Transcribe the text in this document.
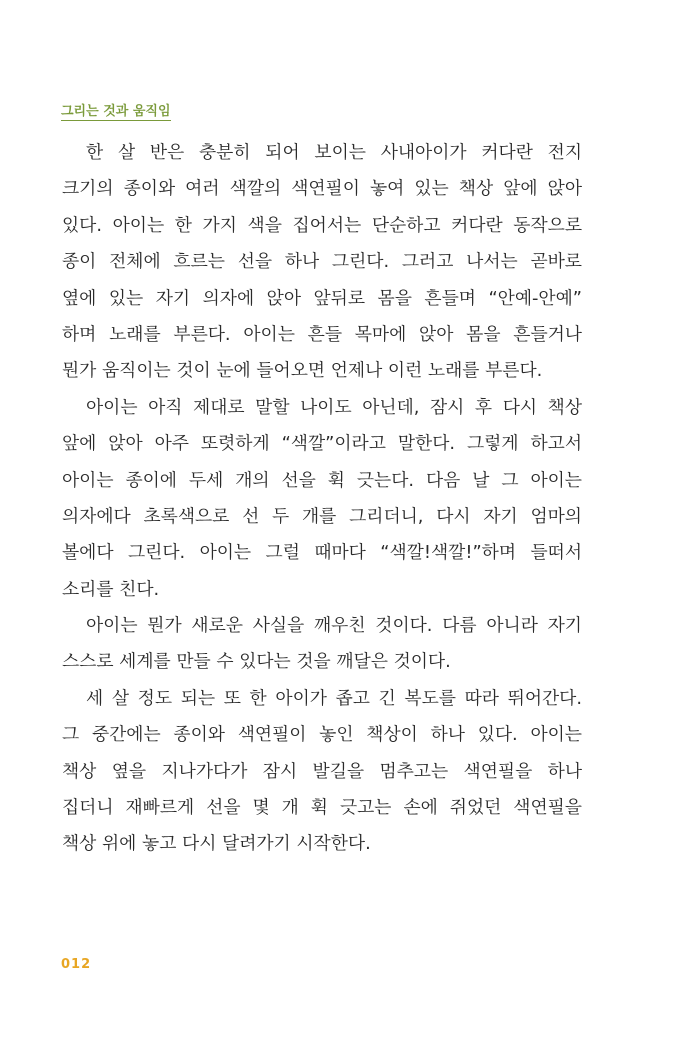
그리는 것과 움직임
한 살 반은 충분히 되어 보이는 사내아이가 커다란 전지
크기의 종이와 여러 색깔의 색연필이 놓여 있는 책상 앞에 앉아
있다. 아이는 한 가지 색을 집어서는 단순하고 커다란 동작으로
종이 전체에 흐르는 선을 하나 그린다. 그러고 나서는 곧바로
옆에 있는 자기 의자에 앉아 앞뒤로 몸을 흔들며 “안예-안예”
하며 노래를 부른다. 아이는 흔들 목마에 앉아 몸을 흔들거나
뭔가 움직이는 것이 눈에 들어오면 언제나 이런 노래를 부른다.
아이는 아직 제대로 말할 나이도 아닌데, 잠시 후 다시 책상
앞에 앉아 아주 또렷하게 “색깔”이라고 말한다. 그렇게 하고서
아이는 종이에 두세 개의 선을 휙 긋는다. 다음 날 그 아이는
의자에다 초록색으로 선 두 개를 그리더니, 다시 자기 엄마의
볼에다 그린다. 아이는 그럴 때마다 “색깔!색깔!”하며 들떠서
소리를 친다.
아이는 뭔가 새로운 사실을 깨우친 것이다. 다름 아니라 자기
스스로 세계를 만들 수 있다는 것을 깨달은 것이다.
세 살 정도 되는 또 한 아이가 좁고 긴 복도를 따라 뛰어간다.
그 중간에는 종이와 색연필이 놓인 책상이 하나 있다. 아이는
책상 옆을 지나가다가 잠시 발길을 멈추고는 색연필을 하나
집더니 재빠르게 선을 몇 개 휙 긋고는 손에 쥐었던 색연필을
책상 위에 놓고 다시 달려가기 시작한다.
012
